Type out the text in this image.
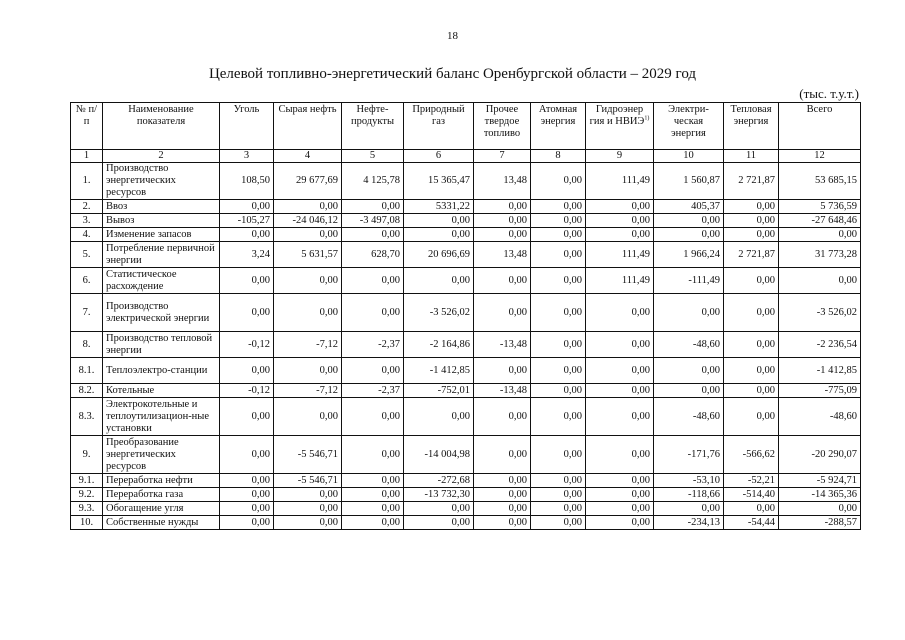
18
Целевой топливно-энергетический баланс Оренбургской области – 2029 год
(тыс. т.у.т.)
№ п/п	Наименование показателя	Уголь	Сырая нефть	Нефте-продукты	Природный газ	Прочее твердое топливо	Атомная энергия	Гидроэнер гия и НВИЭ$^{1)}$	Электри-ческая энергия	Тепловая энергия	Всего
1	2	3	4	5	6	7	8	9	10	11	12
1.	Производство энергетических ресурсов	108,50	29 677,69	4 125,78	15 365,47	13,48	0,00	111,49	1 560,87	2 721,87	53 685,15
2.	Ввоз	0,00	0,00	0,00	5331,22	0,00	0,00	0,00	405,37	0,00	5 736,59
3.	Вывоз	-105,27	-24 046,12	-3 497,08	0,00	0,00	0,00	0,00	0,00	0,00	-27 648,46
4.	Изменение запасов	0,00	0,00	0,00	0,00	0,00	0,00	0,00	0,00	0,00	0,00
5.	Потребление первичной энергии	3,24	5 631,57	628,70	20 696,69	13,48	0,00	111,49	1 966,24	2 721,87	31 773,28
6.	Статистическое расхождение	0,00	0,00	0,00	0,00	0,00	0,00	111,49	-111,49	0,00	0,00
7.	Производство электрической энергии	0,00	0,00	0,00	-3 526,02	0,00	0,00	0,00	0,00	0,00	-3 526,02
8.	Производство тепловой энергии	-0,12	-7,12	-2,37	-2 164,86	-13,48	0,00	0,00	-48,60	0,00	-2 236,54
8.1.	Теплоэлектро-станции	0,00	0,00	0,00	-1 412,85	0,00	0,00	0,00	0,00	0,00	-1 412,85
8.2.	Котельные	-0,12	-7,12	-2,37	-752,01	-13,48	0,00	0,00	0,00	0,00	-775,09
8.3.	Электрокотельные и теплоутилизацион-ные установки	0,00	0,00	0,00	0,00	0,00	0,00	0,00	-48,60	0,00	-48,60
9.	Преобразование энергетических ресурсов	0,00	-5 546,71	0,00	-14 004,98	0,00	0,00	0,00	-171,76	-566,62	-20 290,07
9.1.	Переработка нефти	0,00	-5 546,71	0,00	-272,68	0,00	0,00	0,00	-53,10	-52,21	-5 924,71
9.2.	Переработка газа	0,00	0,00	0,00	-13 732,30	0,00	0,00	0,00	-118,66	-514,40	-14 365,36
9.3.	Обогащение угля	0,00	0,00	0,00	0,00	0,00	0,00	0,00	0,00	0,00	0,00
10.	Собственные нужды	0,00	0,00	0,00	0,00	0,00	0,00	0,00	-234,13	-54,44	-288,57
